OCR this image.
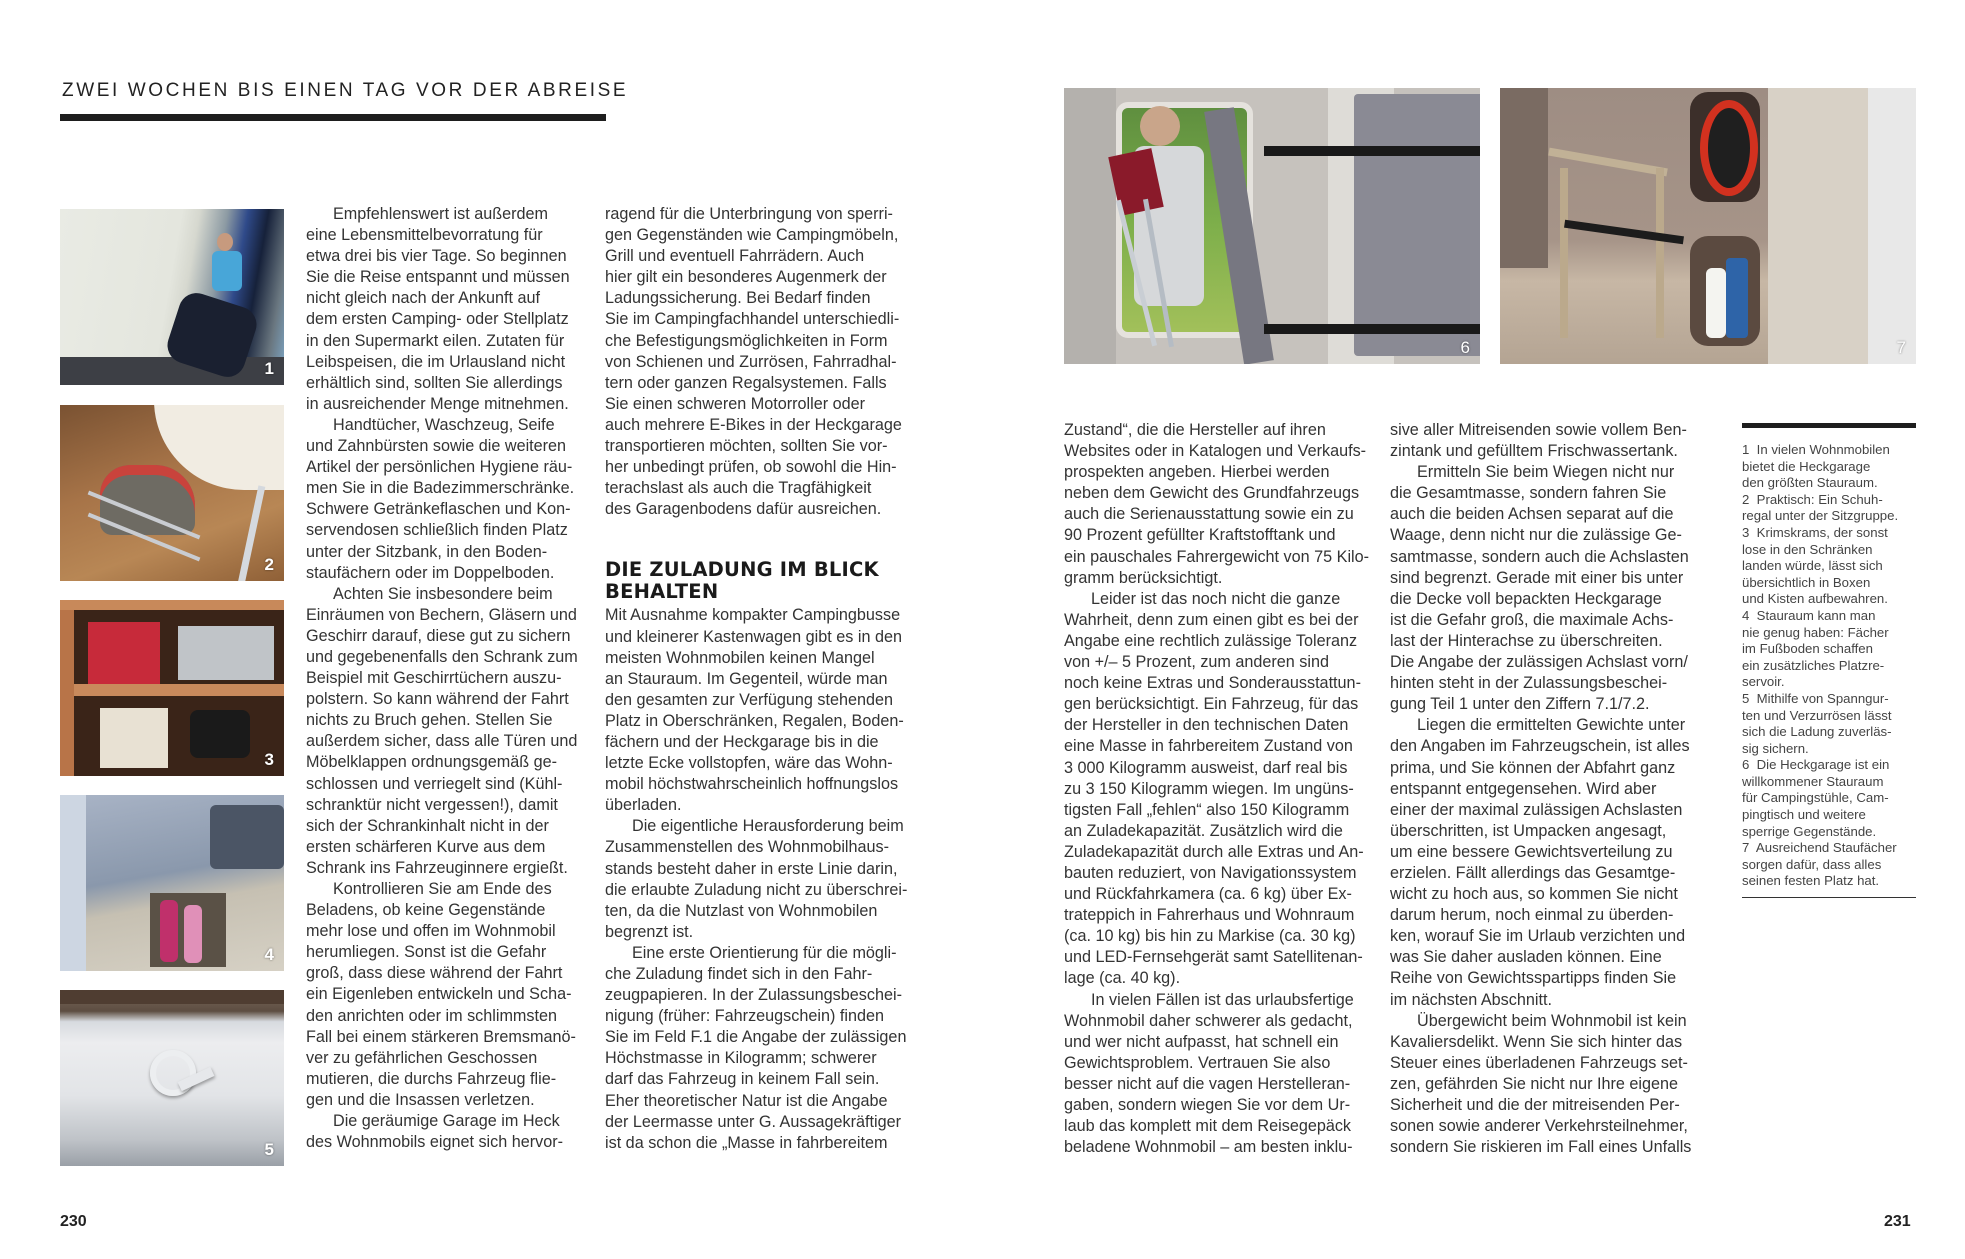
ZWEI WOCHEN BIS EINEN TAG VOR DER ABREISE
1
2
3
4
5
6	7

Empfehlenswert ist außerdem
eine Lebensmittelbevorratung für
etwa drei bis vier Tage. So beginnen
Sie die Reise entspannt und müssen
nicht gleich nach der Ankunft auf
dem ersten Camping- oder Stellplatz
in den Supermarkt eilen. Zutaten für
Leibspeisen, die im Urlausland nicht
erhältlich sind, sollten Sie allerdings
in ausreichender Menge mitnehmen.

Handtücher, Waschzeug, Seife
und Zahnbürsten sowie die weiteren
Artikel der persönlichen Hygiene räu-
men Sie in die Badezimmerschränke.
Schwere Getränkeflaschen und Kon-
servendosen schließlich finden Platz
unter der Sitzbank, in den Boden-
staufächern oder im Doppelboden.

Achten Sie insbesondere beim
Einräumen von Bechern, Gläsern und
Geschirr darauf, diese gut zu sichern
und gegebenenfalls den Schrank zum
Beispiel mit Geschirrtüchern auszu-
polstern. So kann während der Fahrt
nichts zu Bruch gehen. Stellen Sie
außerdem sicher, dass alle Türen und
Möbelklappen ordnungsgemäß ge-
schlossen und verriegelt sind (Kühl-
schranktür nicht vergessen!), damit
sich der Schrankinhalt nicht in der
ersten schärferen Kurve aus dem
Schrank ins Fahrzeuginnere ergießt.

Kontrollieren Sie am Ende des
Beladens, ob keine Gegenstände
mehr lose und offen im Wohnmobil
herumliegen. Sonst ist die Gefahr
groß, dass diese während der Fahrt
ein Eigenleben entwickeln und Scha-
den anrichten oder im schlimmsten
Fall bei einem stärkeren Bremsmanö-
ver zu gefährlichen Geschossen
mutieren, die durchs Fahrzeug flie-
gen und die Insassen verletzen.

Die geräumige Garage im Heck
des Wohnmobils eignet sich hervor-

ragend für die Unterbringung von sperri-
gen Gegenständen wie Campingmöbeln,
Grill und eventuell Fahrrädern. Auch
hier gilt ein besonderes Augenmerk der
Ladungssicherung. Bei Bedarf finden
Sie im Campingfachhandel unterschiedli-
che Befestigungsmöglichkeiten in Form
von Schienen und Zurrösen, Fahrradhal-
tern oder ganzen Regalsystemen. Falls
Sie einen schweren Motorroller oder
auch mehrere E-Bikes in der Heckgarage
transportieren möchten, sollten Sie vor-
her unbedingt prüfen, ob sowohl die Hin-
terachslast als auch die Tragfähigkeit
des Garagenbodens dafür ausreichen.

DIE ZULADUNG IM BLICK
BEHALTEN

Mit Ausnahme kompakter Campingbusse
und kleinerer Kastenwagen gibt es in den
meisten Wohnmobilen keinen Mangel
an Stauraum. Im Gegenteil, würde man
den gesamten zur Verfügung stehenden
Platz in Oberschränken, Regalen, Boden-
fächern und der Heckgarage bis in die
letzte Ecke vollstopfen, wäre das Wohn-
mobil höchstwahrscheinlich hoffnungslos
überladen.

Die eigentliche Herausforderung beim
Zusammenstellen des Wohnmobilhaus-
stands besteht daher in erste Linie darin,
die erlaubte Zuladung nicht zu überschrei-
ten, da die Nutzlast von Wohnmobilen
begrenzt ist.

Eine erste Orientierung für die mögli-
che Zuladung findet sich in den Fahr-
zeugpapieren. In der Zulassungsbeschei-
nigung (früher: Fahrzeugschein) finden
Sie im Feld F.1 die Angabe der zulässigen
Höchstmasse in Kilogramm; schwerer
darf das Fahrzeug in keinem Fall sein.
Eher theoretischer Natur ist die Angabe
der Leermasse unter G. Aussagekräftiger
ist da schon die „Masse in fahrbereitem

Zustand“, die die Hersteller auf ihren
Websites oder in Katalogen und Verkaufs-
prospekten angeben. Hierbei werden
neben dem Gewicht des Grundfahrzeugs
auch die Serienausstattung sowie ein zu
90 Prozent gefüllter Kraftstofftank und
ein pauschales Fahrergewicht von 75 Kilo-
gramm berücksichtigt.

Leider ist das noch nicht die ganze
Wahrheit, denn zum einen gibt es bei der
Angabe eine rechtlich zulässige Toleranz
von +/– 5 Prozent, zum anderen sind
noch keine Extras und Sonderausstattun-
gen berücksichtigt. Ein Fahrzeug, für das
der Hersteller in den technischen Daten
eine Masse in fahrbereitem Zustand von
3 000 Kilogramm ausweist, darf real bis
zu 3 150 Kilogramm wiegen. Im ungüns-
tigsten Fall „fehlen“ also 150 Kilogramm
an Zuladekapazität. Zusätzlich wird die
Zuladekapazität durch alle Extras und An-
bauten reduziert, von Navigationssystem
und Rückfahrkamera (ca. 6 kg) über Ex-
trateppich in Fahrerhaus und Wohnraum
(ca. 10 kg) bis hin zu Markise (ca. 30 kg)
und LED-Fernsehgerät samt Satellitenan-
lage (ca. 40 kg).

In vielen Fällen ist das urlaubsfertige
Wohnmobil daher schwerer als gedacht,
und wer nicht aufpasst, hat schnell ein
Gewichtsproblem. Vertrauen Sie also
besser nicht auf die vagen Herstelleran-
gaben, sondern wiegen Sie vor dem Ur-
laub das komplett mit dem Reisegepäck
beladene Wohnmobil – am besten inklu-

sive aller Mitreisenden sowie vollem Ben-
zintank und gefülltem Frischwassertank.

Ermitteln Sie beim Wiegen nicht nur
die Gesamtmasse, sondern fahren Sie
auch die beiden Achsen separat auf die
Waage, denn nicht nur die zulässige Ge-
samtmasse, sondern auch die Achslasten
sind begrenzt. Gerade mit einer bis unter
die Decke voll bepackten Heckgarage
ist die Gefahr groß, die maximale Achs-
last der Hinterachse zu überschreiten.
Die Angabe der zulässigen Achslast vorn/
hinten steht in der Zulassungsbeschei-
gung Teil 1 unter den Ziffern 7.1/7.2.

Liegen die ermittelten Gewichte unter
den Angaben im Fahrzeugschein, ist alles
prima, und Sie können der Abfahrt ganz
entspannt entgegensehen. Wird aber
einer der maximal zulässigen Achslasten
überschritten, ist Umpacken angesagt,
um eine bessere Gewichtsverteilung zu
erzielen. Fällt allerdings das Gesamtge-
wicht zu hoch aus, so kommen Sie nicht
darum herum, noch einmal zu überden-
ken, worauf Sie im Urlaub verzichten und
was Sie daher ausladen können. Eine
Reihe von Gewichtsspartipps finden Sie
im nächsten Abschnitt.

Übergewicht beim Wohnmobil ist kein
Kavaliersdelikt. Wenn Sie sich hinter das
Steuer eines überladenen Fahrzeugs set-
zen, gefährden Sie nicht nur Ihre eigene
Sicherheit und die der mitreisenden Per-
sonen sowie anderer Verkehrsteilnehmer,
sondern Sie riskieren im Fall eines Unfalls

1  In vielen Wohnmobilen
bietet die Heckgarage
den größten Stauraum.

2  Praktisch: Ein Schuh-
regal unter der Sitzgruppe.

3  Krimskrams, der sonst
lose in den Schränken
landen würde, lässt sich
übersichtlich in Boxen
und Kisten aufbewahren.

4  Stauraum kann man
nie genug haben: Fächer
im Fußboden schaffen
ein zusätzliches Platzre-
servoir.

5  Mithilfe von Spanngur-
ten und Verzurrösen lässt
sich die Ladung zuverläs-
sig sichern.

6  Die Heckgarage ist ein
willkommener Stauraum
für Campingstühle, Cam-
pingtisch und weitere
sperrige Gegenstände.

7  Ausreichend Staufächer
sorgen dafür, dass alles
seinen festen Platz hat.

230	231
